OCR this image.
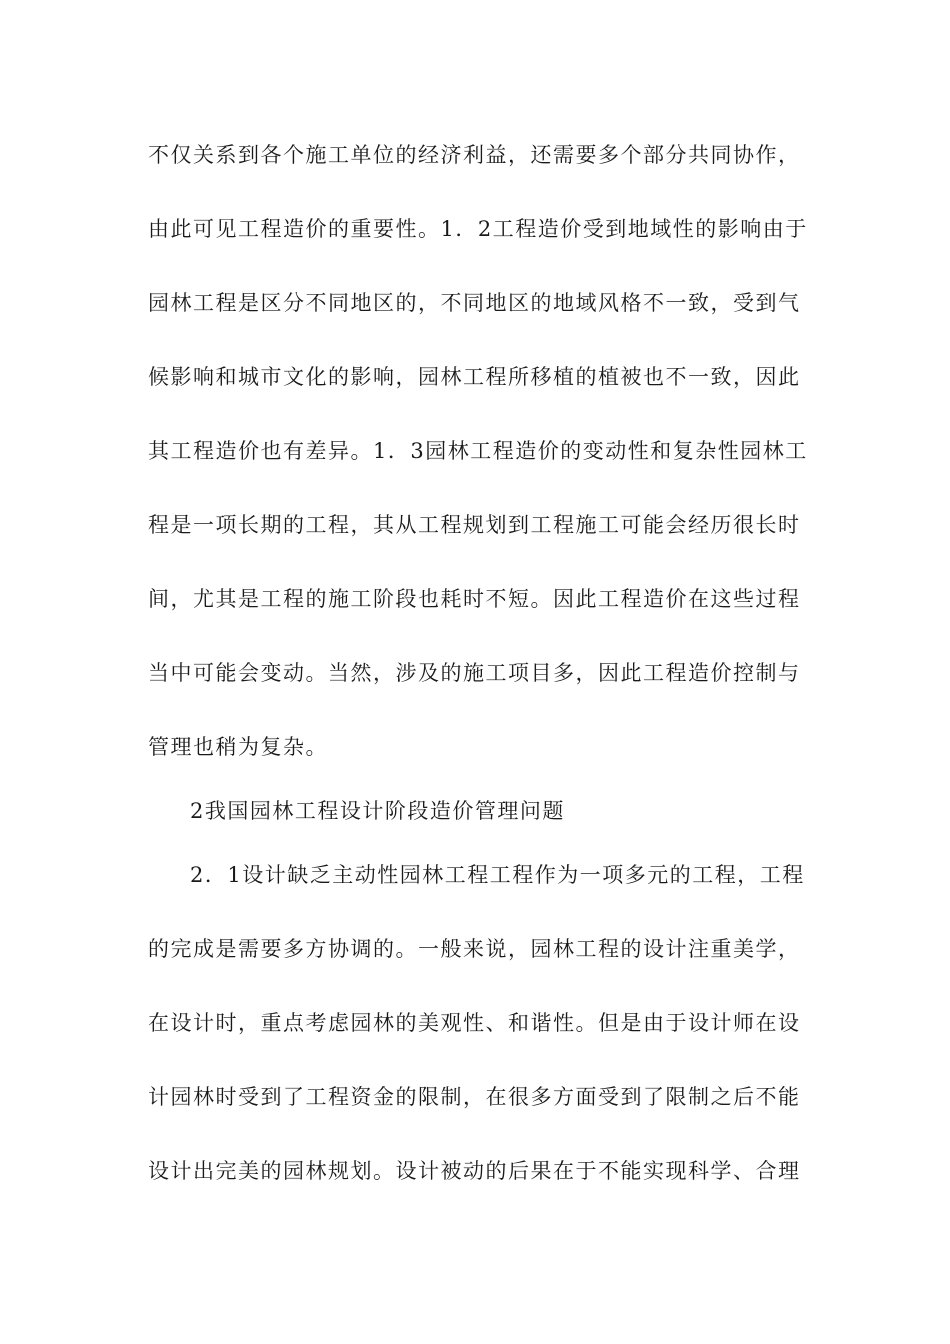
不仅关系到各个施工单位的经济利益，还需要多个部分共同协作，
由此可见工程造价的重要性。1．2工程造价受到地域性的影响由于
园林工程是区分不同地区的，不同地区的地域风格不一致，受到气
候影响和城市文化的影响，园林工程所移植的植被也不一致，因此
其工程造价也有差异。1．3园林工程造价的变动性和复杂性园林工
程是一项长期的工程，其从工程规划到工程施工可能会经历很长时
间，尤其是工程的施工阶段也耗时不短。因此工程造价在这些过程
当中可能会变动。当然，涉及的施工项目多，因此工程造价控制与
管理也稍为复杂。
2我国园林工程设计阶段造价管理问题
2．1设计缺乏主动性园林工程工程作为一项多元的工程，工程
的完成是需要多方协调的。一般来说，园林工程的设计注重美学，
在设计时，重点考虑园林的美观性、和谐性。但是由于设计师在设
计园林时受到了工程资金的限制，在很多方面受到了限制之后不能
设计出完美的园林规划。设计被动的后果在于不能实现科学、合理
